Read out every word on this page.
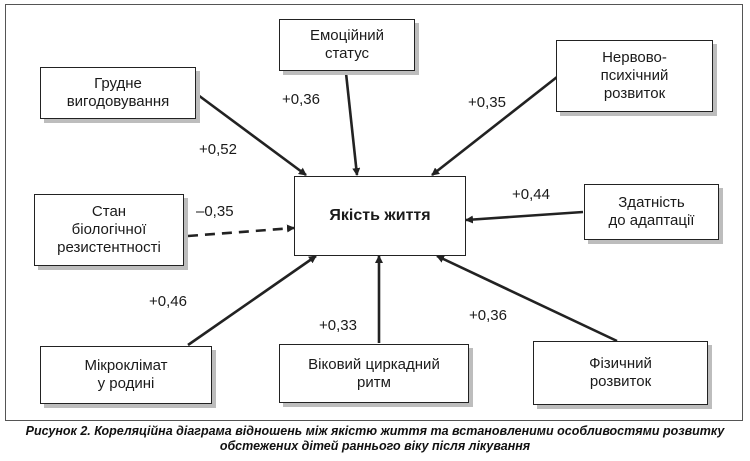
Якість життя
Грудне
вигодовування
Емоційний
статус	Нервово-
психічний
розвиток
Здатність
до адаптації
Фізичний
розвиток
Віковий циркадний
ритм
Мікроклімат
у родині
Стан
біологічної
резистентності
+0,52
+0,36	+0,35
+0,44
+0,36
+0,33
+0,46
–0,35
Рисунок 2. Кореляційна діаграма відношень між якістю життя та встановленими особливостями розвитку обстежених дітей раннього віку після лікування
